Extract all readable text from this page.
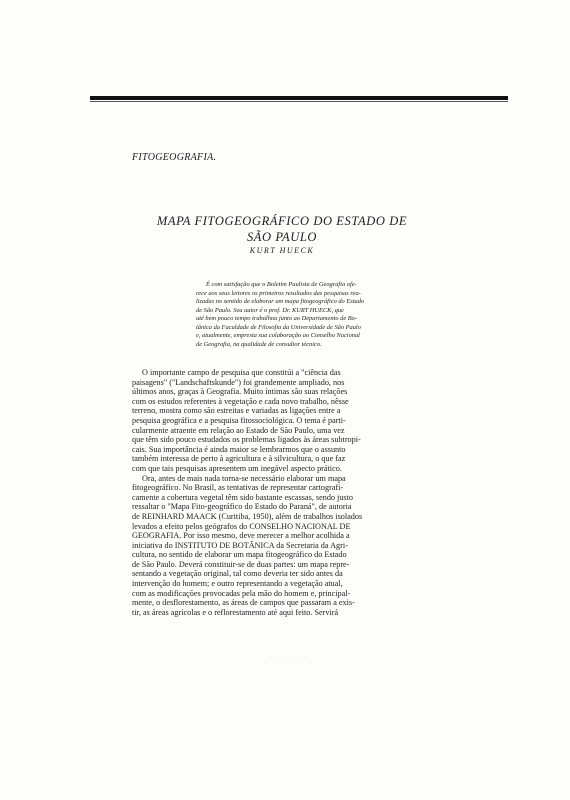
FITOGEOGRAFIA.
MAPA FITOGEOGRÁFICO DO ESTADO DE
SÃO PAULO
KURT HUECK
É com satisfação que o Boletim Paulista de Geografia ofe-
rece aos seus leitores os primeiros resultados das pesquisas rea-
lizadas no sentido de elaborar um mapa fitogeográfico do Estado
de São Paulo. Seu autor é o prof. Dr. KURT HUECK, que
até bem pouco tempo trabalhou junto ao Departamento de Bo-
tânica da Faculdade de Filosofia da Universidade de São Paulo
e, atualmente, empresta sua colaboração ao Conselho Nacional
de Geografia, na qualidade de consultor técnico.
O importante campo de pesquisa que constitúi a "ciência das
paisagens" ("Landschaftskunde") foi grandemente ampliado, nos
últimos anos, graças à Geografia. Muito íntimas são suas relações
com os estudos referentes à vegetação e cada novo trabalho, nêsse
terreno, mostra como são estreitas e variadas as ligações entre a
pesquisa geográfica e a pesquisa fitossociológica. O tema é parti-
cularmente atraente em relação ao Estado de São Paulo, uma vez
que têm sido pouco estudados os problemas ligados às áreas subtropi-
cais. Sua importância é ainda maior se lembrarmos que o assunto
também interessa de perto à agricultura e à silvicultura, o que faz
com que tais pesquisas apresentem um inegável aspecto prático.
Ora, antes de mais nada torna-se necessário elaborar um mapa
fitogeográfico. No Brasil, as tentativas de representar cartografi-
camente a cobertura vegetal têm sido bastante escassas, sendo justo
ressaltar o "Mapa Fito-geográfico do Estado do Paraná", de autoria
de REINHARD MAACK (Curitiba, 1950), além de trabalhos isolados
levados a efeito pelos geógrafos do CONSELHO NACIONAL DE
GEOGRAFIA. Por isso mesmo, deve merecer a melhor acolhida a
iniciativa do INSTITUTO DE BOTÂNICA da Secretaria da Agri-
cultura, no sentido de elaborar um mapa fitogeográfico do Estado
de São Paulo. Deverá constituir-se de duas partes: um mapa repre-
sentando a vegetação original, tal como deveria ter sido antes da
intervenção do homem; e outro representando a vegetação atual,
com as modificações provocadas pela mão do homem e, principal-
mente, o desflorestamento, as áreas de campos que passaram a exis-
tir, as áreas agrícolas e o reflorestamento até aqui feito. Servirá
· · · · · ·
